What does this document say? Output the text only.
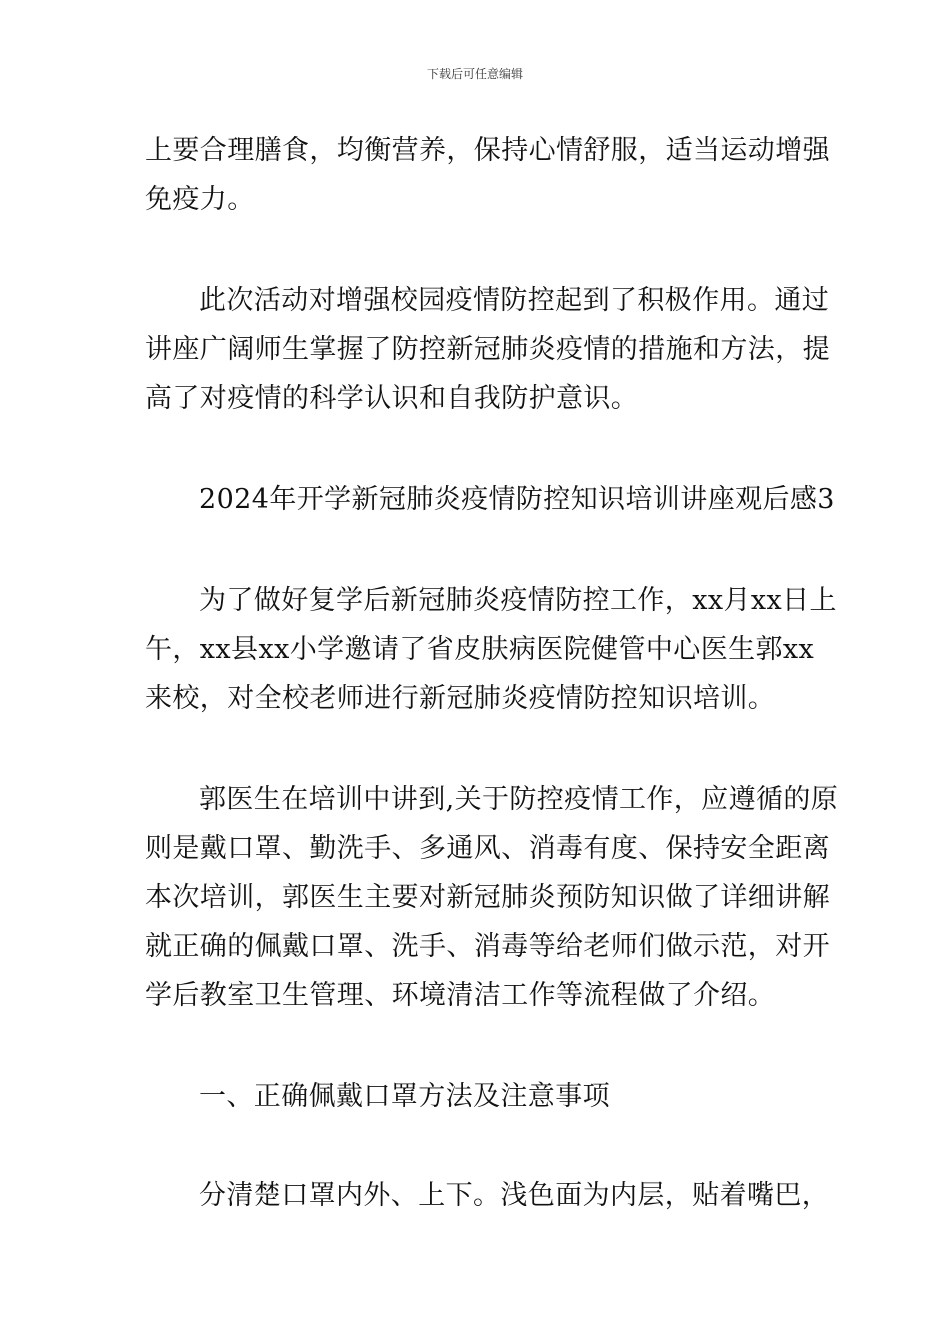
下载后可任意编辑
上要合理膳食，均衡营养，保持心情舒服，适当运动增强
免疫力。
此次活动对增强校园疫情防控起到了积极作用。通过
讲座广阔师生掌握了防控新冠肺炎疫情的措施和方法，提
高了对疫情的科学认识和自我防护意识。
2024年开学新冠肺炎疫情防控知识培训讲座观后感3
为了做好复学后新冠肺炎疫情防控工作，xx月xx日上
午，xx县xx小学邀请了省皮肤病医院健管中心医生郭xx
来校，对全校老师进行新冠肺炎疫情防控知识培训。
郭医生在培训中讲到,关于防控疫情工作，应遵循的原
则是戴口罩、勤洗手、多通风、消毒有度、保持安全距离
本次培训，郭医生主要对新冠肺炎预防知识做了详细讲解
就正确的佩戴口罩、洗手、消毒等给老师们做示范，对开
学后教室卫生管理、环境清洁工作等流程做了介绍。
一、正确佩戴口罩方法及注意事项
分清楚口罩内外、上下。浅色面为内层，贴着嘴巴，
